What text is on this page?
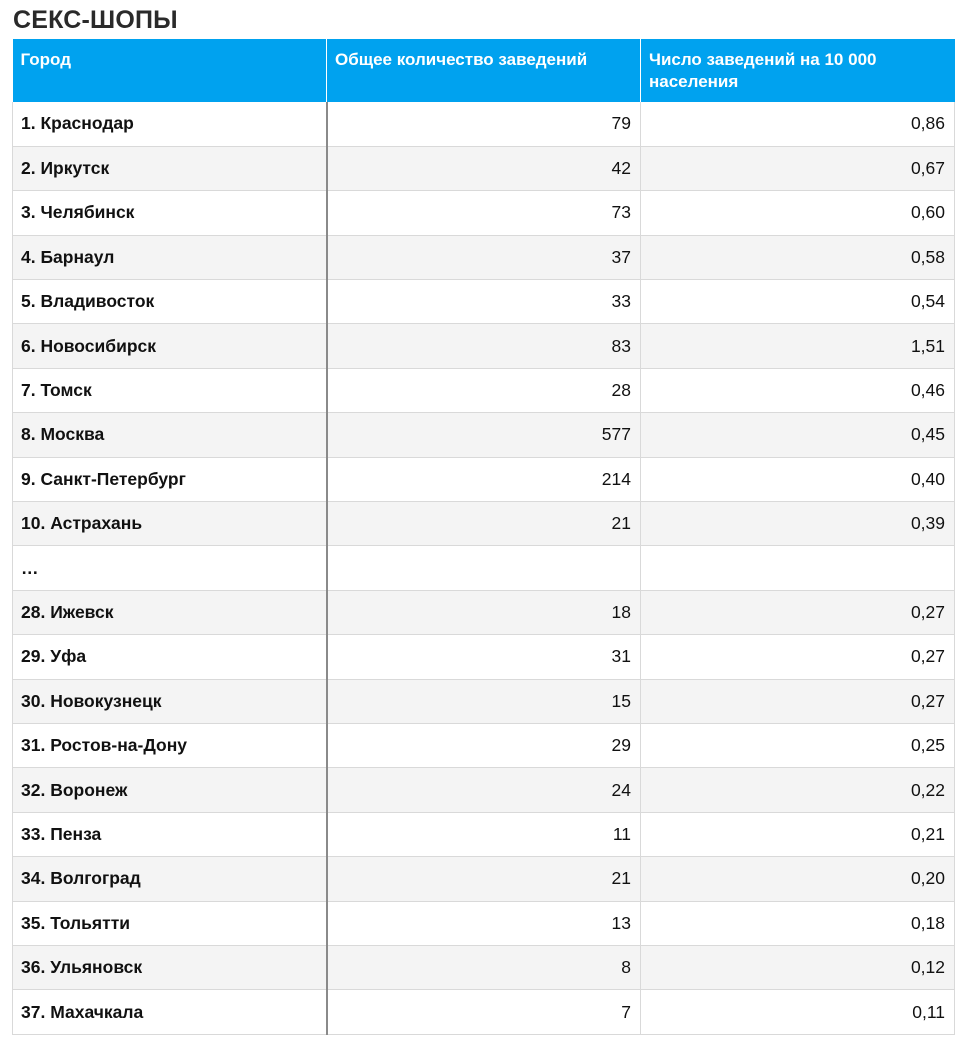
СЕКС-ШОПЫ
Город	Общее количество заведений	Число заведений на 10 000 населения
1. Краснодар	79	0,86
2. Иркутск	42	0,67
3. Челябинск	73	0,60
4. Барнаул	37	0,58
5. Владивосток	33	0,54
6. Новосибирск	83	1,51
7. Томск	28	0,46
8. Москва	577	0,45
9. Санкт-Петербург	214	0,40
10. Астрахань	21	0,39
…		
28. Ижевск	18	0,27
29. Уфа	31	0,27
30. Новокузнецк	15	0,27
31. Ростов-на-Дону	29	0,25
32. Воронеж	24	0,22
33. Пенза	11	0,21
34. Волгоград	21	0,20
35. Тольятти	13	0,18
36. Ульяновск	8	0,12
37. Махачкала	7	0,11
